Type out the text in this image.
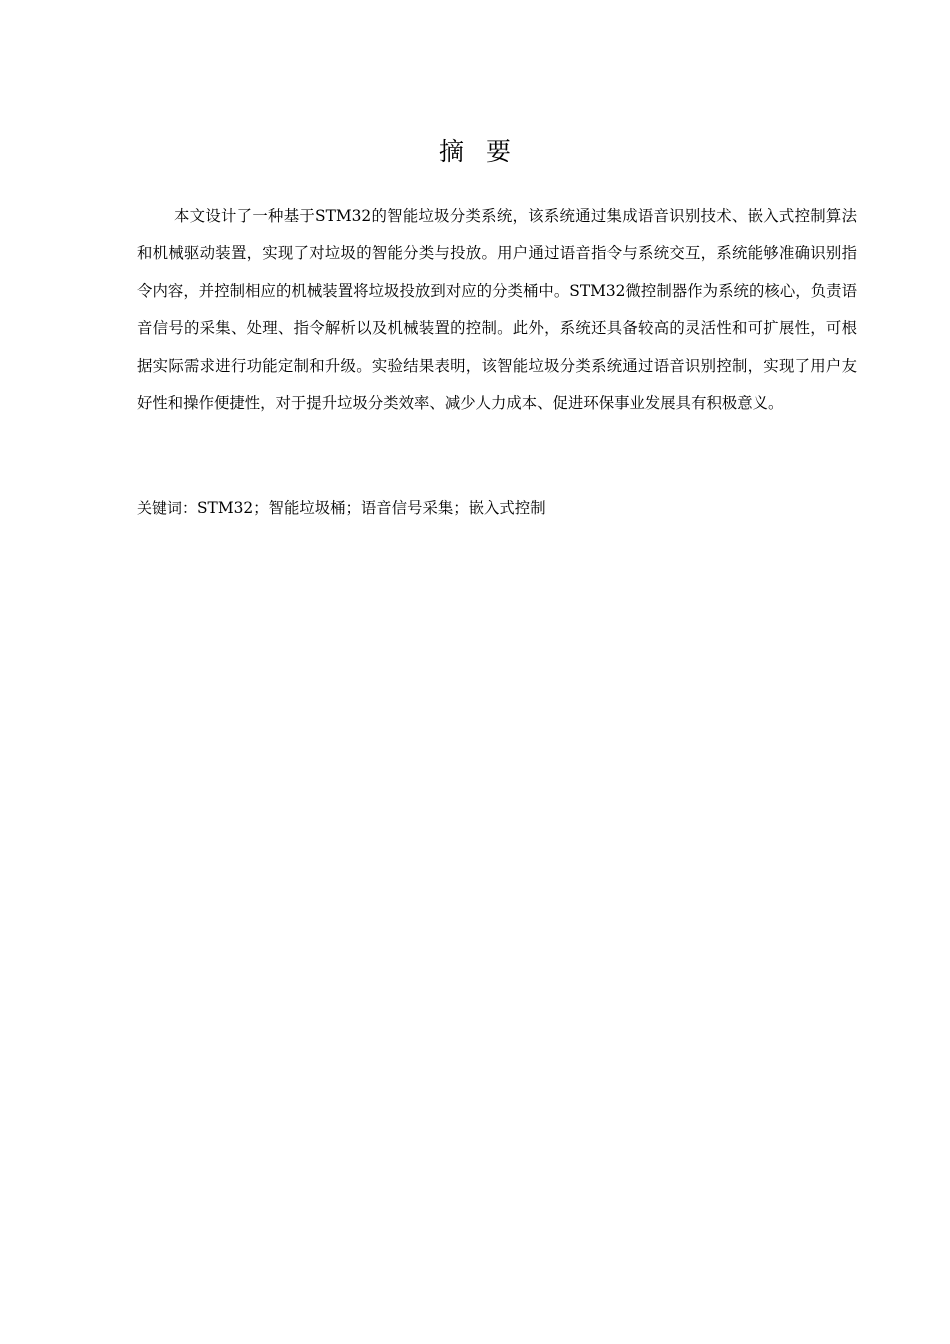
摘要

本文设计了一种基于STM32的智能垃圾分类系统，该系统通过集成语音识别技术、嵌入式控制算法和机械驱动装置，实现了对垃圾的智能分类与投放。用户通过语音指令与系统交互，系统能够准确识别指令内容，并控制相应的机械装置将垃圾投放到对应的分类桶中。STM32微控制器作为系统的核心，负责语音信号的采集、处理、指令解析以及机械装置的控制。此外，系统还具备较高的灵活性和可扩展性，可根据实际需求进行功能定制和升级。实验结果表明，该智能垃圾分类系统通过语音识别控制，实现了用户友好性和操作便捷性，对于提升垃圾分类效率、减少人力成本、促进环保事业发展具有积极意义。

关键词：STM32；智能垃圾桶；语音信号采集；嵌入式控制
